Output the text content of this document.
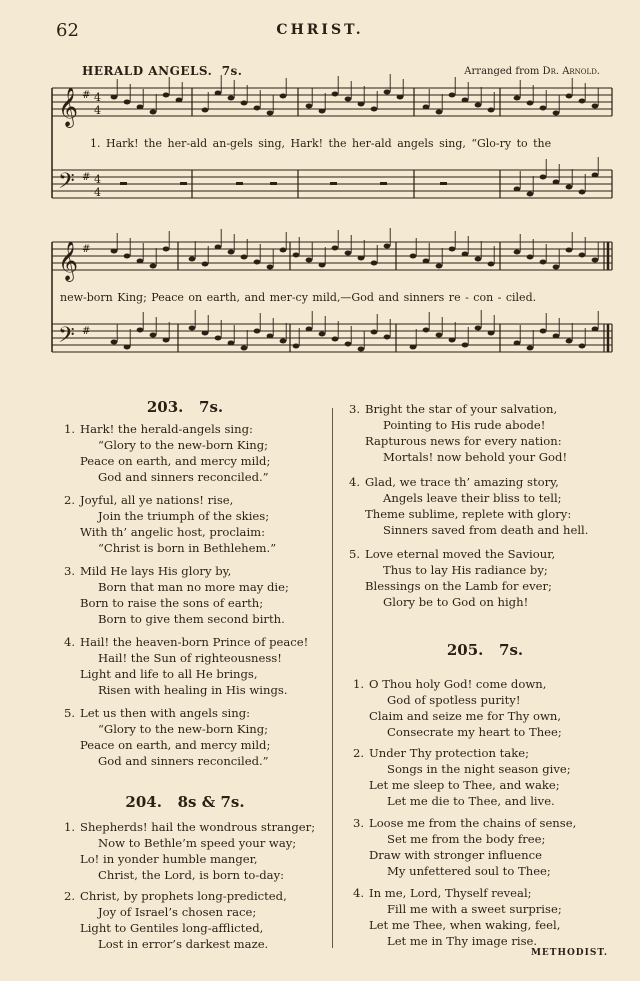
62	CHRIST.
HERALD ANGELS. 7s.	Arranged from Dr. Arnold.
𝄞
𝄢
#
#
4
4
4
4
𝄞
𝄢
#
#
1. Hark! the her-ald an-gels sing, Hark! the her-ald angels sing, “Glo-ry to the
new-born King; Peace on earth, and mer-cy mild,—God and sinners re - con - ciled.
203. 7s.
1. Hark! the herald-angels sing:
“Glory to the new-born King;
Peace on earth, and mercy mild;
God and sinners reconciled.”
2. Joyful, all ye nations! rise,
Join the triumph of the skies;
With th’ angelic host, proclaim:
“Christ is born in Bethlehem.”
3. Mild He lays His glory by,
Born that man no more may die;
Born to raise the sons of earth;
Born to give them second birth.
4. Hail! the heaven-born Prince of peace!
Hail! the Sun of righteousness!
Light and life to all He brings,
Risen with healing in His wings.
5. Let us then with angels sing:
“Glory to the new-born King;
Peace on earth, and mercy mild;
God and sinners reconciled.”
204. 8s & 7s.
1. Shepherds! hail the wondrous stranger;
Now to Bethle’m speed your way;
Lo! in yonder humble manger,
Christ, the Lord, is born to-day:
2. Christ, by prophets long-predicted,
Joy of Israel’s chosen race;
Light to Gentiles long-afflicted,
Lost in error’s darkest maze.
3. Bright the star of your salvation,
Pointing to His rude abode!
Rapturous news for every nation:
Mortals! now behold your God!
4. Glad, we trace th’ amazing story,
Angels leave their bliss to tell;
Theme sublime, replete with glory:
Sinners saved from death and hell.
5. Love eternal moved the Saviour,
Thus to lay His radiance by;
Blessings on the Lamb for ever;
Glory be to God on high!
205. 7s.
1. O Thou holy God! come down,
God of spotless purity!
Claim and seize me for Thy own,
Consecrate my heart to Thee;
2. Under Thy protection take;
Songs in the night season give;
Let me sleep to Thee, and wake;
Let me die to Thee, and live.
3. Loose me from the chains of sense,
Set me from the body free;
Draw with stronger influence
My unfettered soul to Thee;
4. In me, Lord, Thyself reveal;
Fill me with a sweet surprise;
Let me Thee, when waking, feel,
Let me in Thy image rise.
METHODIST.
